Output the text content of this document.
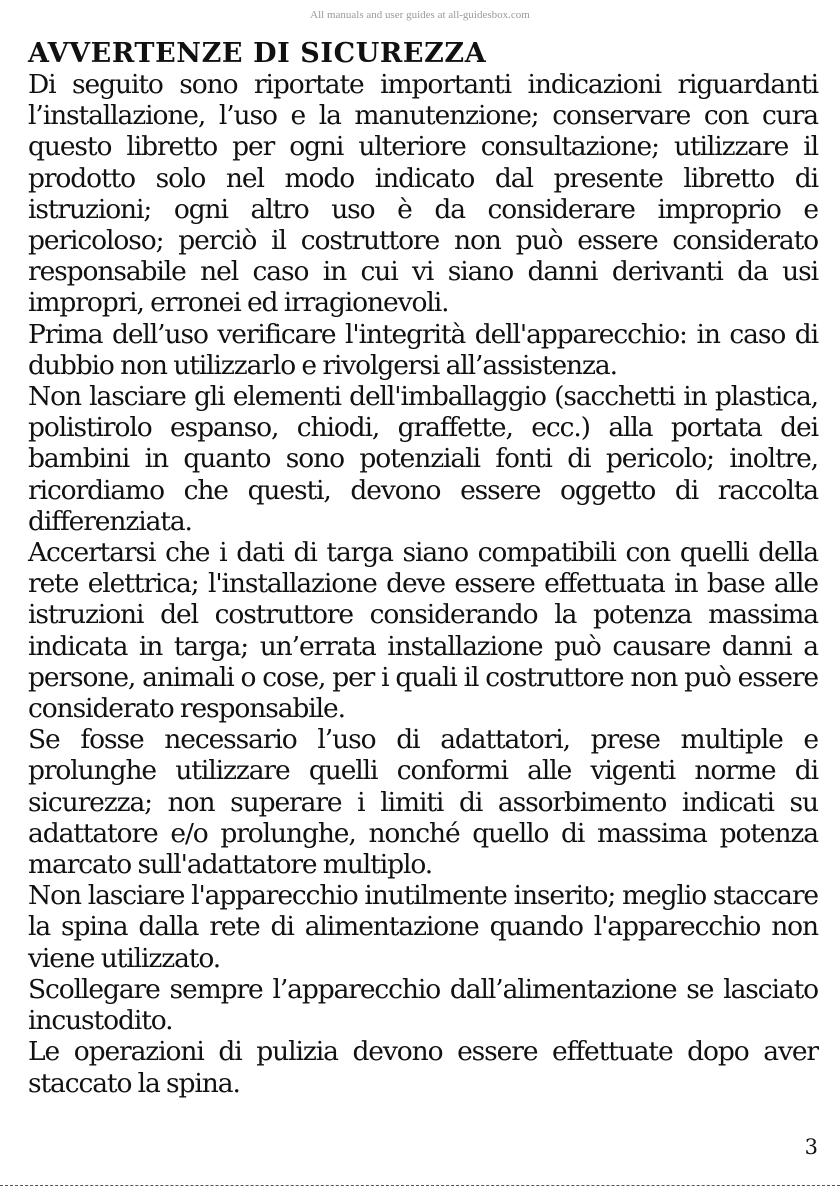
All manuals and user guides at all-guidesbox.com
AVVERTENZE DI SICUREZZA

Di seguito sono riportate importanti indicazioni riguardanti l’installazione, l’uso e la manutenzione; conservare con cura questo libretto per ogni ulteriore consultazione; utilizzare il prodotto solo nel modo indicato dal presente libretto di istruzioni; ogni altro uso è da considerare improprio e pericoloso; perciò il costruttore non può essere considerato responsabile nel caso in cui vi siano danni derivanti da usi impropri, erronei ed irragionevoli.

Prima dell’uso verificare l'integrità dell'apparecchio: in caso di dubbio non utilizzarlo e rivolgersi all’assistenza.

Non lasciare gli elementi dell'imballaggio (sacchetti in plastica, polistirolo espanso, chiodi, graffette, ecc.) alla portata dei bambini in quanto sono potenziali fonti di pericolo; inoltre, ricordiamo che questi, devono essere oggetto di raccolta differenziata.

Accertarsi che i dati di targa siano compatibili con quelli della rete elettrica; l'installazione deve essere effettuata in base alle istruzioni del costruttore considerando la potenza massima indicata in targa; un’errata installazione può causare danni a persone, animali o cose, per i quali il costruttore non può essere considerato responsabile.

Se fosse necessario l’uso di adattatori, prese multiple e prolunghe utilizzare quelli conformi alle vigenti norme di sicurezza; non superare i limiti di assorbimento indicati su adattatore e/o prolunghe, nonché quello di massima potenza marcato sull'adattatore multiplo.

Non lasciare l'apparecchio inutilmente inserito; meglio staccare la spina dalla rete di alimentazione quando l'apparecchio non viene utilizzato.

Scollegare sempre l’apparecchio dall’alimentazione se lasciato incustodito.

Le operazioni di pulizia devono essere effettuate dopo aver staccato la spina.

3
